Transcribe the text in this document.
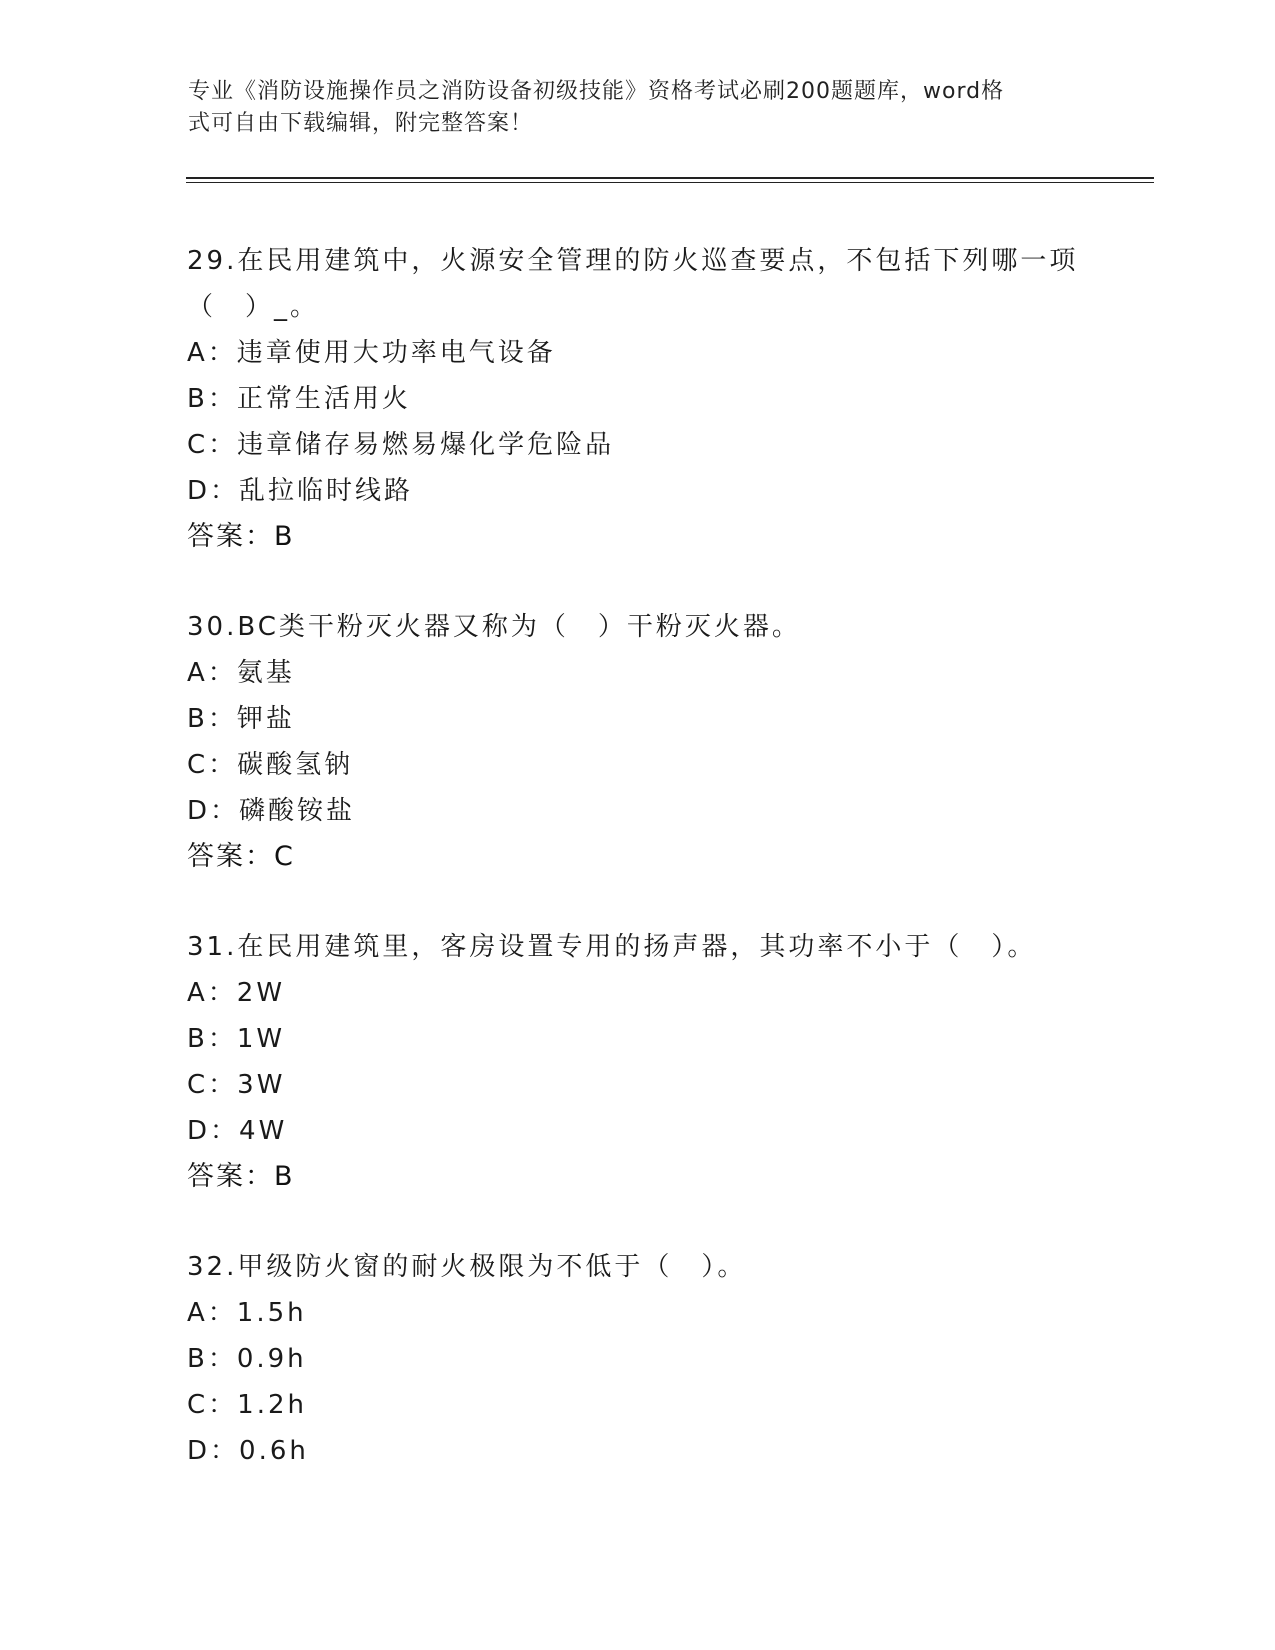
专业《消防设施操作员之消防设备初级技能》资格考试必刷200题题库，word格
式可自由下载编辑，附完整答案！
29.在民用建筑中，火源安全管理的防火巡查要点，不包括下列哪一项
（　）_。
A：违章使用大功率电气设备
B：正常生活用火
C：违章储存易燃易爆化学危险品
D：乱拉临时线路
答案：B
30.BC类干粉灭火器又称为（　）干粉灭火器。
A：氨基
B：钾盐
C：碳酸氢钠
D：磷酸铵盐
答案：C
31.在民用建筑里，客房设置专用的扬声器，其功率不小于（　）。
A：2W
B：1W
C：3W
D：4W
答案：B
32.甲级防火窗的耐火极限为不低于（　）。
A：1.5h
B：0.9h
C：1.2h
D：0.6h
